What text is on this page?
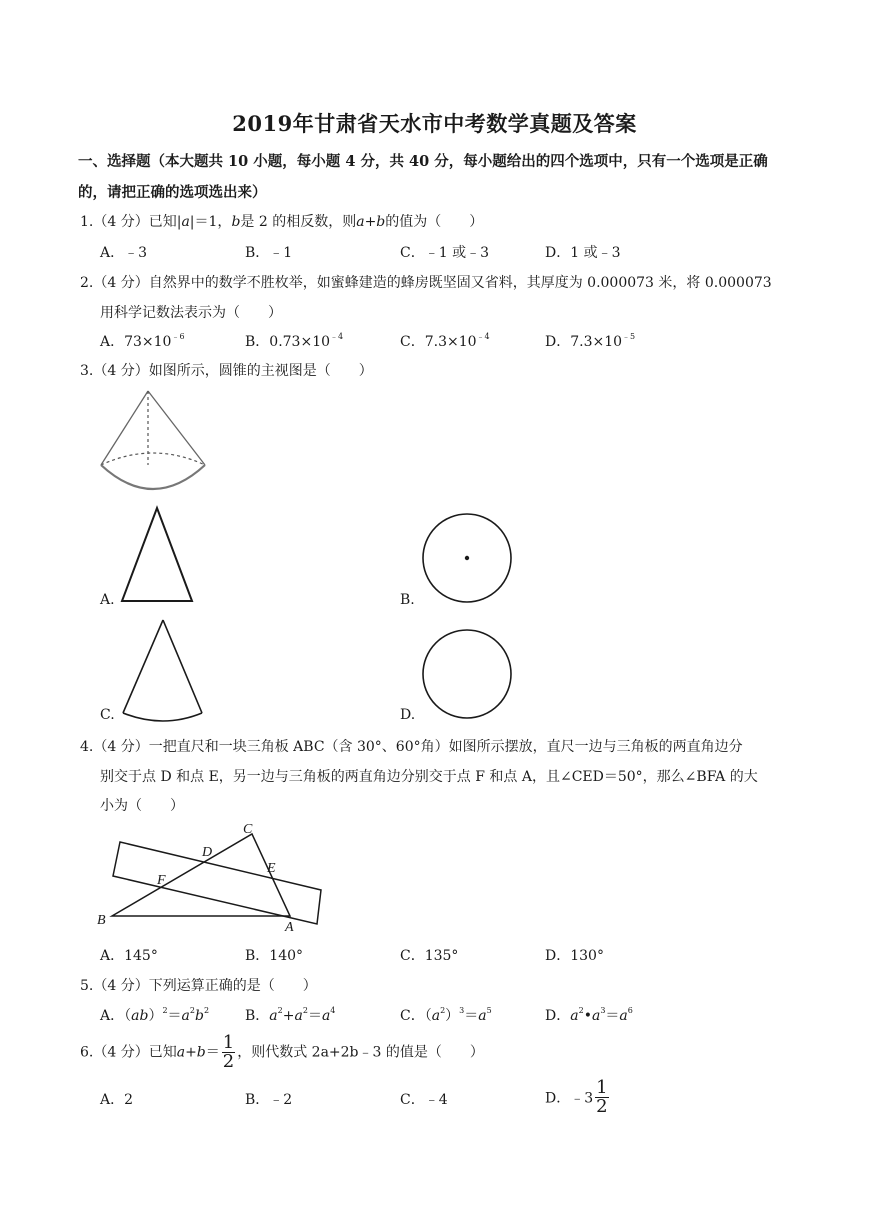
2019年甘肃省天水市中考数学真题及答案
一、选择题（本大题共 10 小题，每小题 4 分，共 40 分，每小题给出的四个选项中，只有一个选项是正确
的，请把正确的选项选出来）
1.（4 分）已知|a|＝1，b是 2 的相反数，则a+b的值为（　　）
A．﹣3	B．﹣1	C．﹣1 或﹣3	D．1 或﹣3
2.（4 分）自然界中的数学不胜枚举，如蜜蜂建造的蜂房既坚固又省料，其厚度为 0.000073 米，将 0.000073
用科学记数法表示为（　　）
A．$73\times 10^{﹣6}$	B．$0.73\times 10^{﹣4}$	C．$7.3\times 10^{﹣4}$	D．$7.3\times 10^{﹣5}$
3.（4 分）如图所示，圆锥的主视图是（　　）
A.	B.
C.	D.
4.（4 分）一把直尺和一块三角板 ABC（含 30°、60°角）如图所示摆放，直尺一边与三角板的两直角边分
别交于点 D 和点 E，另一边与三角板的两直角边分别交于点 F 和点 A，且∠CED＝50°，那么∠BFA 的大
小为（　　）
C
D
E
F
B	A
A．145°	B．140°	C．135°	D．130°
5.（4 分）下列运算正确的是（　　）
A．$(ab)^2=a^2b^2$	B．$a^2+a^2=a^4$	C．$(a^2)^3=a^5$	D．$a^2•a^3=a^6$
6.（4 分）已知$a+b= \frac{1}{2}$ ，则代数式 2a+2b﹣3 的值是（　　）
A．2	B．﹣2	C．﹣4	D．﹣3 $\frac{1}{2}$
